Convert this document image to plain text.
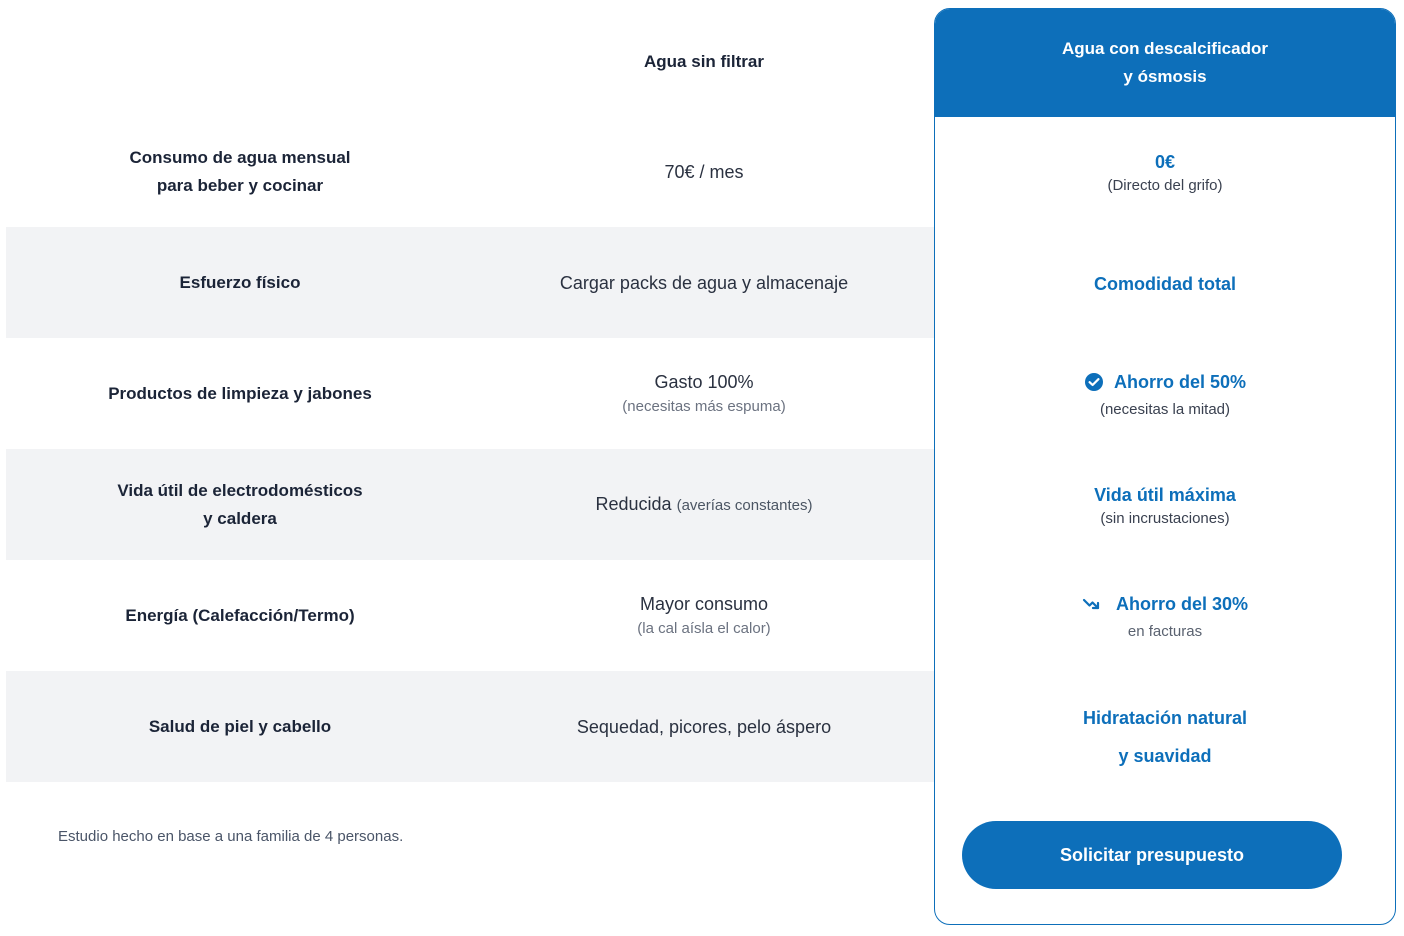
Agua sin filtrar
Consumo de agua mensual
para beber y cocinar
70€ / mes
Esfuerzo físico	Cargar packs de agua y almacenaje
Productos de limpieza y jabones
Gasto 100%
(necesitas más espuma)
Vida útil de electrodomésticos
y caldera
Reducida (averías constantes)
Energía (Calefacción/Termo)
Mayor consumo
(la cal aísla el calor)
Salud de piel y cabello	Sequedad, picores, pelo áspero
Estudio hecho en base a una familia de 4 personas.
Agua con descalcificador
y ósmosis
0€
(Directo del grifo)
Comodidad total
Ahorro del 50%
(necesitas la mitad)
Vida útil máxima
(sin incrustaciones)
Ahorro del 30%
en facturas
Hidratación natural
y suavidad
Solicitar presupuesto
